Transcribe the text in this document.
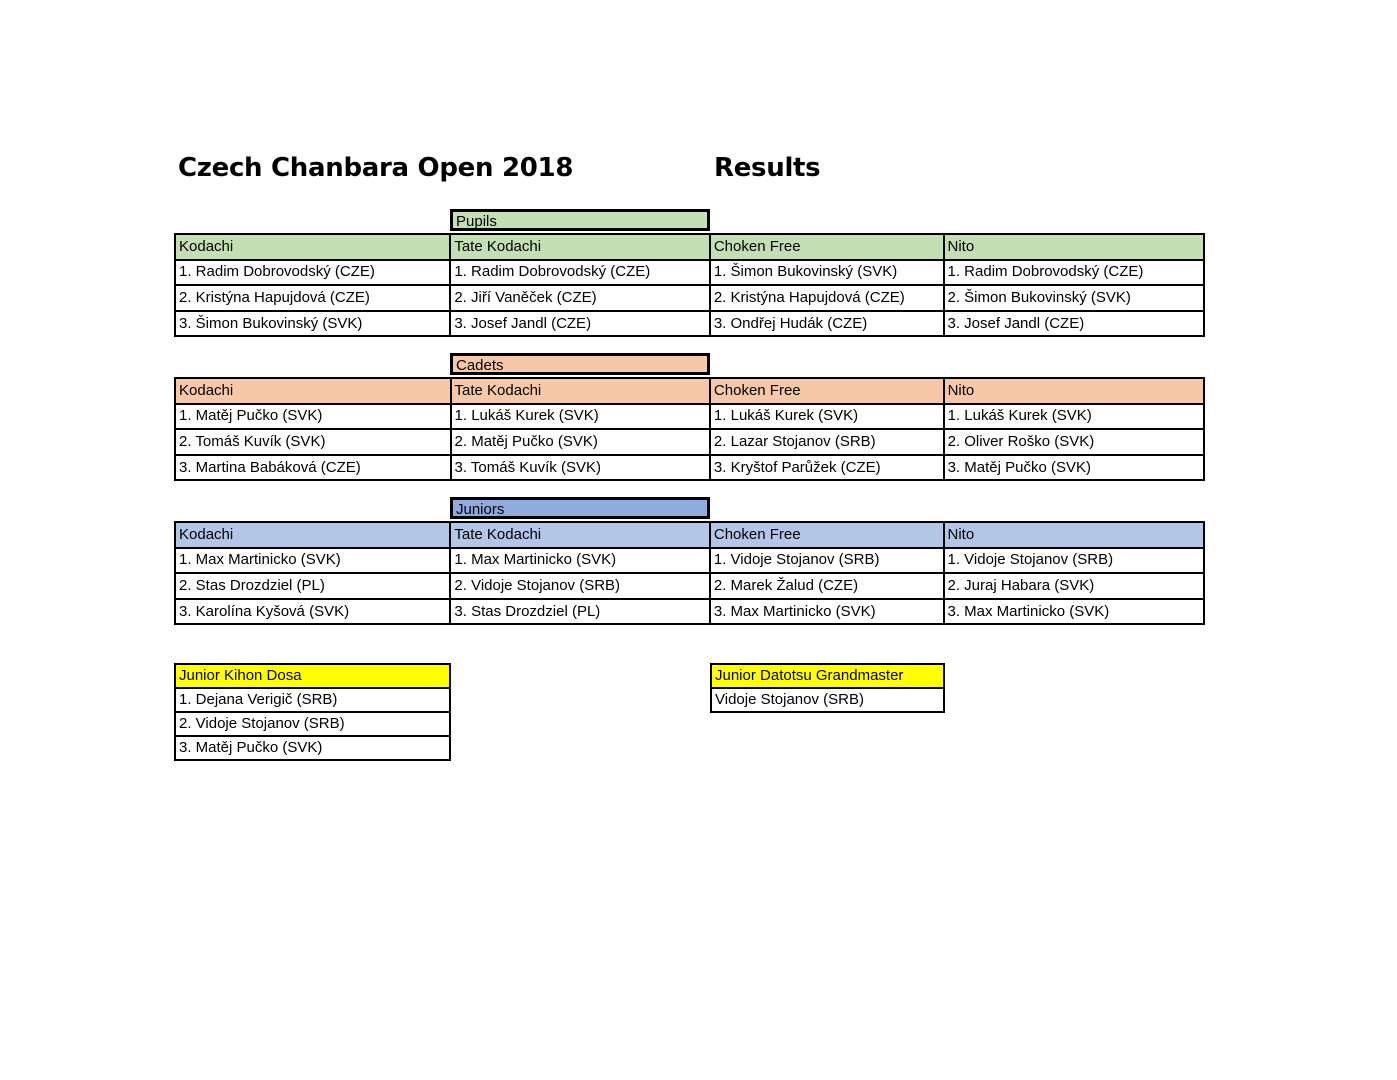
Czech Chanbara Open 2018	Results
Pupils
Kodachi	Tate Kodachi	Choken Free	Nito
1. Radim Dobrovodský (CZE)	1. Radim Dobrovodský (CZE)	1. Šimon Bukovinský (SVK)	1. Radim Dobrovodský (CZE)
2. Kristýna Hapujdová (CZE)	2. Jiří Vaněček (CZE)	2. Kristýna Hapujdová (CZE)	2. Šimon Bukovinský (SVK)
3. Šimon Bukovinský (SVK)	3. Josef Jandl (CZE)	3. Ondřej Hudák (CZE)	3. Josef Jandl (CZE)
Cadets
Kodachi	Tate Kodachi	Choken Free	Nito
1. Matěj Pučko (SVK)	1. Lukáš Kurek (SVK)	1. Lukáš Kurek (SVK)	1. Lukáš Kurek (SVK)
2. Tomáš Kuvík (SVK)	2. Matěj Pučko (SVK)	2. Lazar Stojanov (SRB)	2. Oliver Roško (SVK)
3. Martina Babáková (CZE)	3. Tomáš Kuvík (SVK)	3. Kryštof Parůžek (CZE)	3. Matěj Pučko (SVK)
Juniors
Kodachi	Tate Kodachi	Choken Free	Nito
1. Max Martinicko (SVK)	1. Max Martinicko (SVK)	1. Vidoje Stojanov (SRB)	1. Vidoje Stojanov (SRB)
2. Stas Drozdziel (PL)	2. Vidoje Stojanov (SRB)	2. Marek Žalud (CZE)	2. Juraj Habara (SVK)
3. Karolína Kyšová (SVK)	3. Stas Drozdziel (PL)	3. Max Martinicko (SVK)	3. Max Martinicko (SVK)
Junior Kihon Dosa
1. Dejana Verigič (SRB)
2. Vidoje Stojanov (SRB)
3. Matěj Pučko (SVK)
Junior Datotsu Grandmaster
Vidoje Stojanov (SRB)
